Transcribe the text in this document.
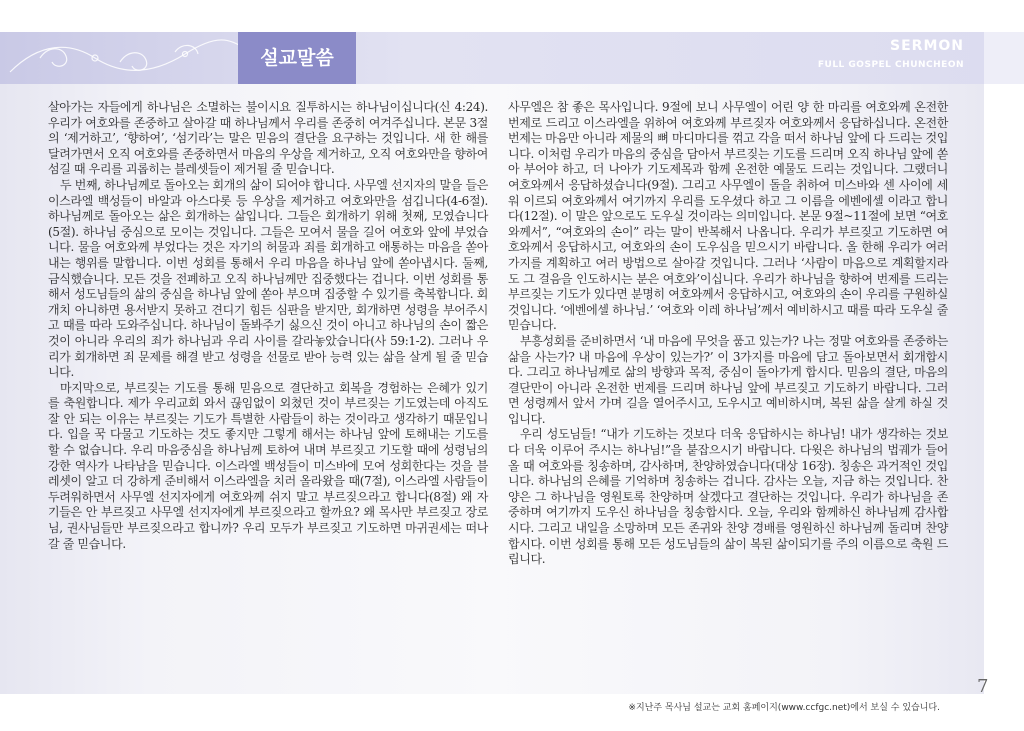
설교말씀
SERMON
FULL GOSPEL CHUNCHEON

살아가는 자들에게 하나님은 소멸하는 불이시요 질투하시는 하나님이십니다(신 4:24). 우리가 여호와를 존중하고 살아갈 때 하나님께서 우리를 존중히 여겨주십니다. 본문 3절의 ‘제거하고’, ‘향하여’, ‘섬기라’는 말은 믿음의 결단을 요구하는 것입니다. 새 한 해를 달려가면서 오직 여호와를 존중하면서 마음의 우상을 제거하고, 오직 여호와만을 향하여 섬길 때 우리를 괴롭히는 블레셋들이 제거될 줄 믿습니다.

두 번째, 하나님께로 돌아오는 회개의 삶이 되어야 합니다. 사무엘 선지자의 말을 들은 이스라엘 백성들이 바알과 아스다롯 등 우상을 제거하고 여호와만을 섬깁니다(4-6절). 하나님께로 돌아오는 삶은 회개하는 삶입니다. 그들은 회개하기 위해 첫째, 모였습니다(5절). 하나님 중심으로 모이는 것입니다. 그들은 모여서 물을 길어 여호와 앞에 부었습니다. 물을 여호와께 부었다는 것은 자기의 허물과 죄를 회개하고 애통하는 마음을 쏟아내는 행위를 말합니다. 이번 성회를 통해서 우리 마음을 하나님 앞에 쏟아냅시다. 둘째, 금식했습니다. 모든 것을 전폐하고 오직 하나님께만 집중했다는 겁니다. 이번 성회를 통해서 성도님들의 삶의 중심을 하나님 앞에 쏟아 부으며 집중할 수 있기를 축복합니다. 회개치 아니하면 용서받지 못하고 견디기 힘든 심판을 받지만, 회개하면 성령을 부어주시고 때를 따라 도와주십니다. 하나님이 돌봐주기 싫으신 것이 아니고 하나님의 손이 짧은 것이 아니라 우리의 죄가 하나님과 우리 사이를 갈라놓았습니다(사 59:1-2). 그러나 우리가 회개하면 죄 문제를 해결 받고 성령을 선물로 받아 능력 있는 삶을 살게 될 줄 믿습니다.

마지막으로, 부르짖는 기도를 통해 믿음으로 결단하고 회복을 경험하는 은혜가 있기를 축원합니다. 제가 우리교회 와서 끊임없이 외쳤던 것이 부르짖는 기도였는데 아직도 잘 안 되는 이유는 부르짖는 기도가 특별한 사람들이 하는 것이라고 생각하기 때문입니다. 입을 꾹 다물고 기도하는 것도 좋지만 그렇게 해서는 하나님 앞에 토해내는 기도를 할 수 없습니다. 우리 마음중심을 하나님께 토하여 내며 부르짖고 기도할 때에 성령님의 강한 역사가 나타남을 믿습니다. 이스라엘 백성들이 미스바에 모여 성회한다는 것을 블레셋이 알고 더 강하게 준비해서 이스라엘을 치러 올라왔을 때(7절), 이스라엘 사람들이 두려워하면서 사무엘 선지자에게 여호와께 쉬지 말고 부르짖으라고 합니다(8절) 왜 자기들은 안 부르짖고 사무엘 선지자에게 부르짖으라고 할까요? 왜 목사만 부르짖고 장로님, 권사님들만 부르짖으라고 합니까? 우리 모두가 부르짖고 기도하면 마귀권세는 떠나갈 줄 믿습니다.

사무엘은 참 좋은 목사입니다. 9절에 보니 사무엘이 어린 양 한 마리를 여호와께 온전한 번제로 드리고 이스라엘을 위하여 여호와께 부르짖자 여호와께서 응답하십니다. 온전한 번제는 마음만 아니라 제물의 뼈 마디마디를 꺾고 각을 떠서 하나님 앞에 다 드리는 것입니다. 이처럼 우리가 마음의 중심을 담아서 부르짖는 기도를 드리며 오직 하나님 앞에 쏟아 부어야 하고, 더 나아가 기도제목과 함께 온전한 예물도 드리는 것입니다. 그랬더니 여호와께서 응답하셨습니다(9절). 그리고 사무엘이 돌을 취하여 미스바와 센 사이에 세워 이르되 여호와께서 여기까지 우리를 도우셨다 하고 그 이름을 에벤에셀 이라고 합니다(12절). 이 말은 앞으로도 도우실 것이라는 의미입니다. 본문 9절~11절에 보면 “여호와께서”, “여호와의 손이” 라는 말이 반복해서 나옵니다. 우리가 부르짖고 기도하면 여호와께서 응답하시고, 여호와의 손이 도우심을 믿으시기 바랍니다. 올 한해 우리가 여러 가지를 계획하고 여러 방법으로 살아갈 것입니다. 그러나 ‘사람이 마음으로 계획할지라도 그 걸음을 인도하시는 분은 여호와’이십니다. 우리가 하나님을 향하여 번제를 드리는 부르짖는 기도가 있다면 분명히 여호와께서 응답하시고, 여호와의 손이 우리를 구원하실 것입니다. ‘에벤에셀 하나님.’ ‘여호와 이레 하나님’께서 예비하시고 때를 따라 도우실 줄 믿습니다.

부흥성회를 준비하면서 ‘내 마음에 무엇을 품고 있는가? 나는 정말 여호와를 존중하는 삶을 사는가? 내 마음에 우상이 있는가?’ 이 3가지를 마음에 담고 돌아보면서 회개합시다. 그리고 하나님께로 삶의 방향과 목적, 중심이 돌아가게 합시다. 믿음의 결단, 마음의 결단만이 아니라 온전한 번제를 드리며 하나님 앞에 부르짖고 기도하기 바랍니다. 그러면 성령께서 앞서 가며 길을 열어주시고, 도우시고 예비하시며, 복된 삶을 살게 하실 것입니다.

우리 성도님들! “내가 기도하는 것보다 더욱 응답하시는 하나님! 내가 생각하는 것보다 더욱 이루어 주시는 하나님!”을 붙잡으시기 바랍니다. 다윗은 하나님의 법궤가 들어올 때 여호와를 칭송하며, 감사하며, 찬양하였습니다(대상 16장). 칭송은 과거적인 것입니다. 하나님의 은혜를 기억하며 칭송하는 겁니다. 감사는 오늘, 지금 하는 것입니다. 찬양은 그 하나님을 영원토록 찬양하며 살겠다고 결단하는 것입니다. 우리가 하나님을 존중하며 여기까지 도우신 하나님을 칭송합시다. 오늘, 우리와 함께하신 하나님께 감사합시다. 그리고 내일을 소망하며 모든 존귀와 찬양 경배를 영원하신 하나님께 돌리며 찬양합시다. 이번 성회를 통해 모든 성도님들의 삶이 복된 삶이되기를 주의 이름으로 축원 드립니다.

7
※지난주 목사님 설교는 교회 홈페이지(www.ccfgc.net)에서 보실 수 있습니다.
